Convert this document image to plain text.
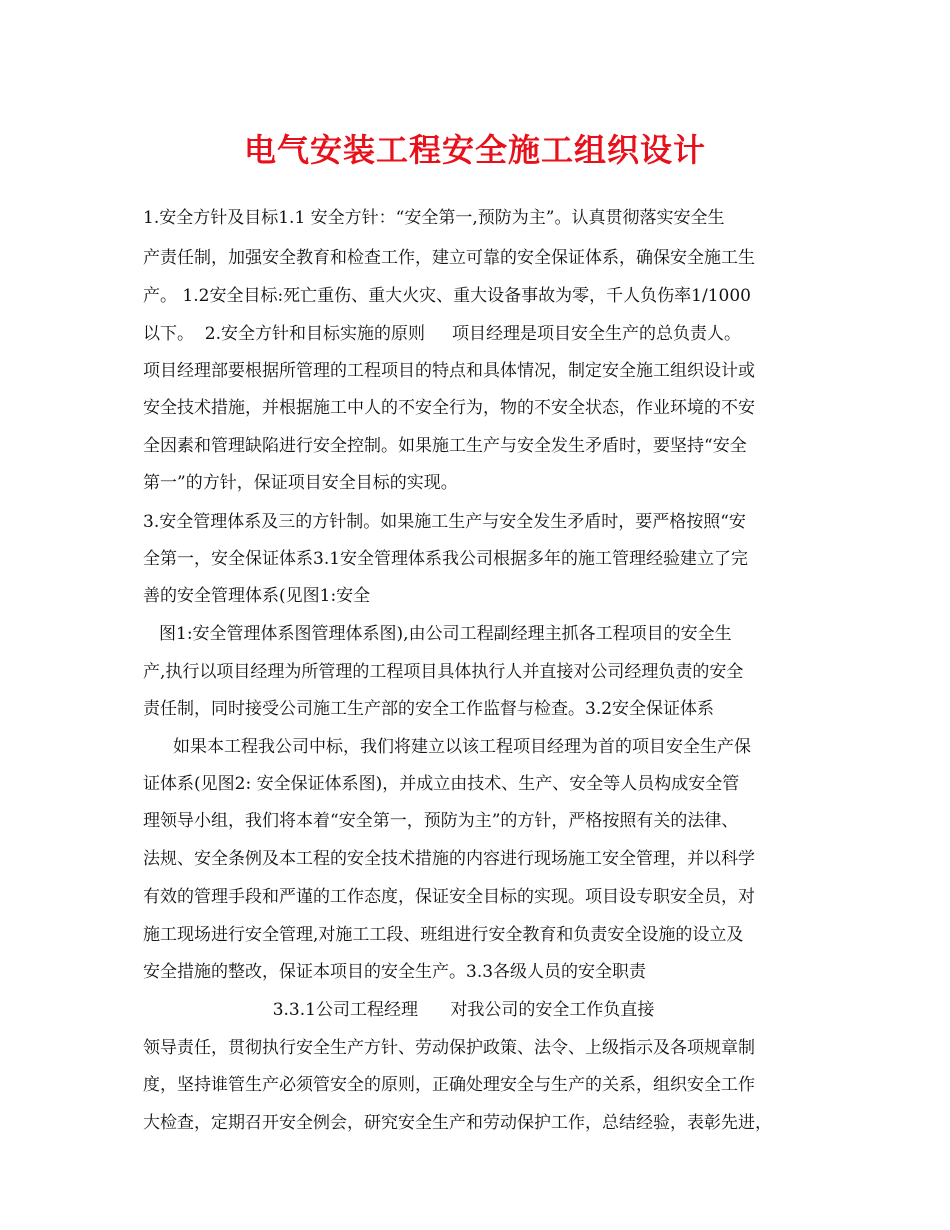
电气安装工程安全施工组织设计

1.安全方针及目标1.1 安全方针：“安全第一,预防为主”。认真贯彻落实安全生

产责任制，加强安全教育和检查工作，建立可靠的安全保证体系，确保安全施工生

产。 1.2安全目标:死亡重伤、重大火灾、重大设备事故为零，千人负伤率1/1000

以下。  2.安全方针和目标实施的原则     项目经理是项目安全生产的总负责人。

项目经理部要根据所管理的工程项目的特点和具体情况，制定安全施工组织设计或

安全技术措施，并根据施工中人的不安全行为，物的不安全状态，作业环境的不安

全因素和管理缺陷进行安全控制。如果施工生产与安全发生矛盾时，要坚持“安全

第一”的方针，保证项目安全目标的实现。

3.安全管理体系及三的方针制。如果施工生产与安全发生矛盾时，要严格按照“安

全第一，安全保证体系3.1安全管理体系我公司根据多年的施工管理经验建立了完

善的安全管理体系(见图1:安全

图1:安全管理体系图管理体系图),由公司工程副经理主抓各工程项目的安全生

产,执行以项目经理为所管理的工程项目具体执行人并直接对公司经理负责的安全

责任制，同时接受公司施工生产部的安全工作监督与检查。3.2安全保证体系

如果本工程我公司中标，我们将建立以该工程项目经理为首的项目安全生产保

证体系(见图2: 安全保证体系图)，并成立由技术、生产、安全等人员构成安全管

理领导小组，我们将本着“安全第一，预防为主”的方针，严格按照有关的法律、

法规、安全条例及本工程的安全技术措施的内容进行现场施工安全管理，并以科学

有效的管理手段和严谨的工作态度，保证安全目标的实现。项目设专职安全员，对

施工现场进行安全管理,对施工工段、班组进行安全教育和负责安全设施的设立及

安全措施的整改，保证本项目的安全生产。3.3各级人员的安全职责

3.3.1公司工程经理      对我公司的安全工作负直接

领导责任，贯彻执行安全生产方针、劳动保护政策、法令、上级指示及各项规章制

度，坚持谁管生产必须管安全的原则，正确处理安全与生产的关系，组织安全工作

大检查，定期召开安全例会，研究安全生产和劳动保护工作，总结经验，表彰先进，
